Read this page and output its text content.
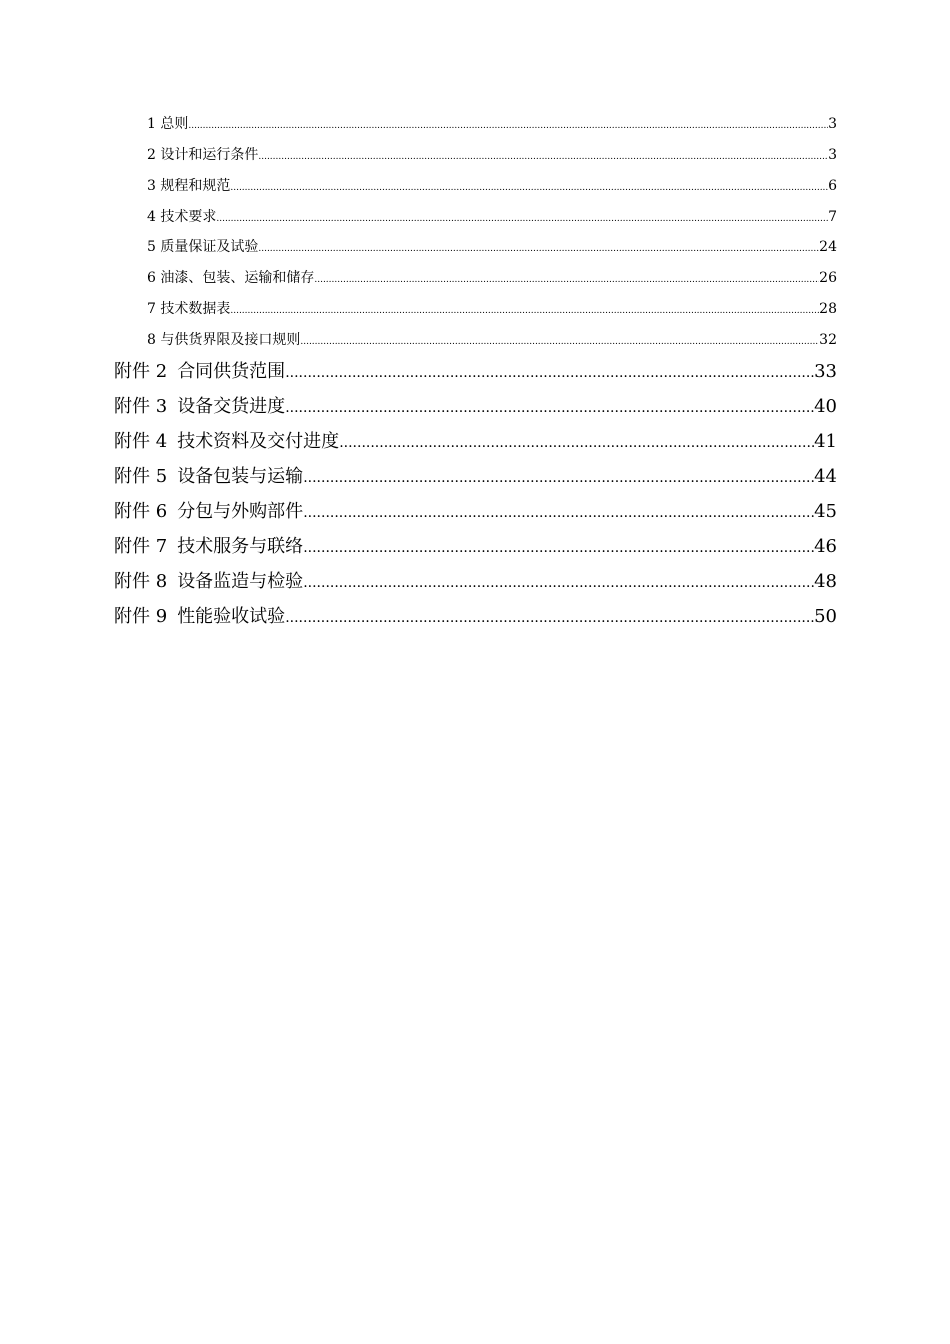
1 总则 .....	3
2 设计和运行条件 .....	3
3 规程和规范 .....	6
4 技术要求 .....	7
5 质量保证及试验 .....	24
6 油漆、包装、运输和储存 .....	26
7 技术数据表 .....	28
8 与供货界限及接口规则 .....	32
附件 2 合同供货范围 .....	33
附件 3 设备交货进度 .....	40
附件 4 技术资料及交付进度 .....	41
附件 5 设备包装与运输 .....	44
附件 6 分包与外购部件 .....	45
附件 7 技术服务与联络 .....	46
附件 8 设备监造与检验 .....	48
附件 9 性能验收试验 .....	50
